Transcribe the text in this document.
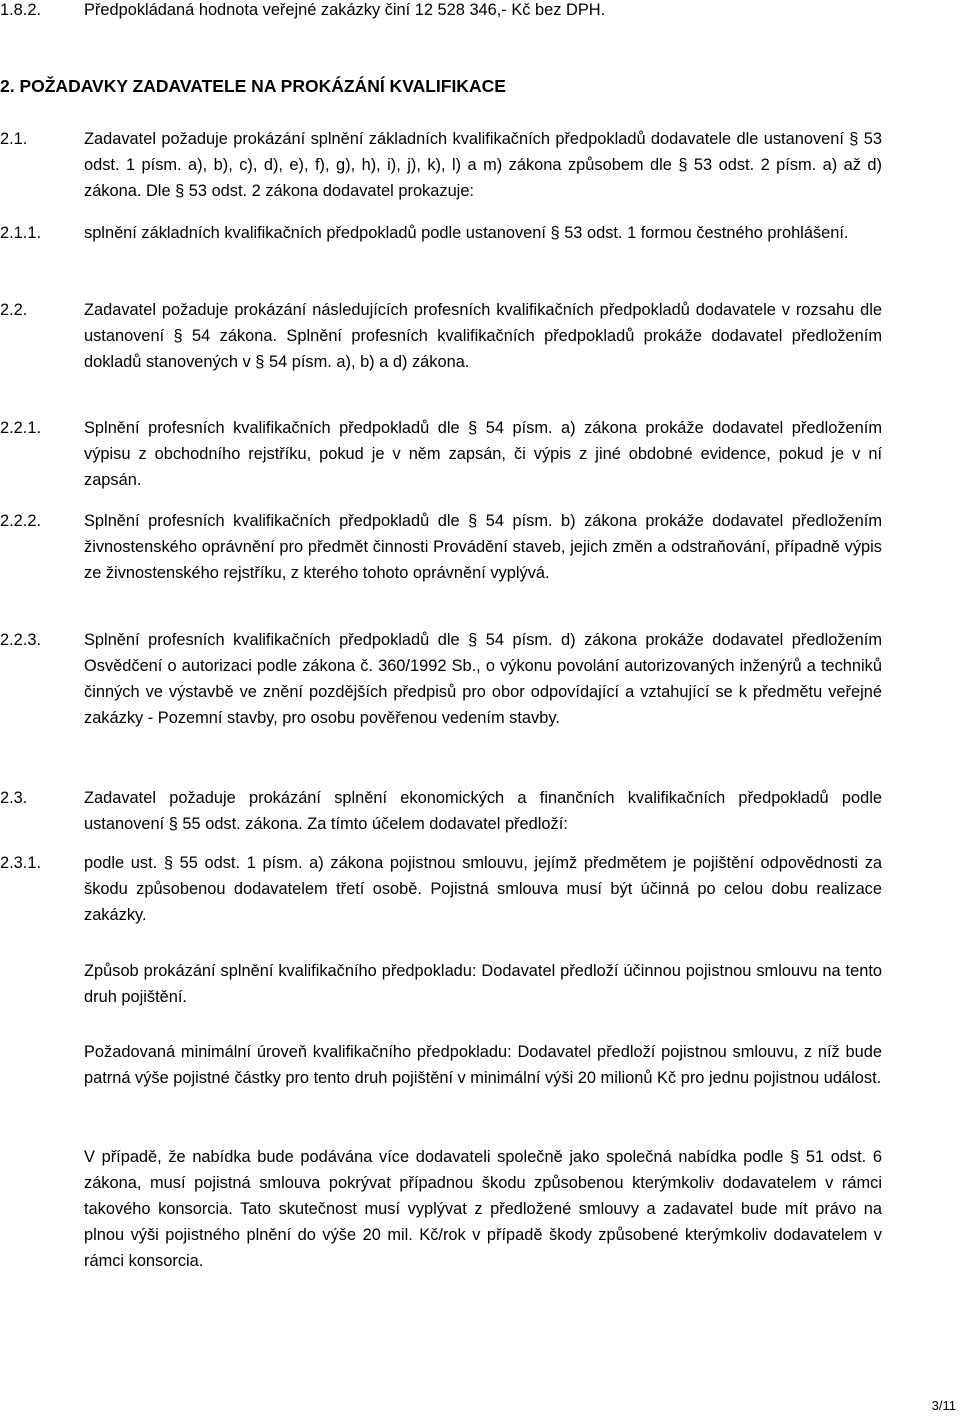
1.8.2.	Předpokládaná hodnota veřejné zakázky činí 12 528 346,- Kč bez DPH.
2. POŽADAVKY ZADAVATELE NA PROKÁZÁNÍ KVALIFIKACE
2.1.	Zadavatel požaduje prokázání splnění základních kvalifikačních předpokladů dodavatele dle ustanovení § 53 odst. 1 písm. a), b), c), d), e), f), g), h), i), j), k), l) a m) zákona způsobem dle § 53 odst. 2 písm. a) až d) zákona. Dle § 53 odst. 2 zákona dodavatel prokazuje:
2.1.1.	splnění základních kvalifikačních předpokladů podle ustanovení § 53 odst. 1 formou čestného prohlášení.
2.2.	Zadavatel požaduje prokázání následujících profesních kvalifikačních předpokladů dodavatele v rozsahu dle ustanovení § 54 zákona. Splnění profesních kvalifikačních předpokladů prokáže dodavatel předložením dokladů stanovených v § 54 písm. a), b) a d) zákona.
2.2.1.	Splnění profesních kvalifikačních předpokladů dle § 54 písm. a) zákona prokáže dodavatel předložením výpisu z obchodního rejstříku, pokud je v něm zapsán, či výpis z jiné obdobné evidence, pokud je v ní zapsán.
2.2.2.	Splnění profesních kvalifikačních předpokladů dle § 54 písm. b) zákona prokáže dodavatel předložením živnostenského oprávnění pro předmět činnosti Provádění staveb, jejich změn a odstraňování, případně výpis ze živnostenského rejstříku, z kterého tohoto oprávnění vyplývá.
2.2.3.	Splnění profesních kvalifikačních předpokladů dle § 54 písm. d) zákona prokáže dodavatel předložením Osvědčení o autorizaci podle zákona č. 360/1992 Sb., o výkonu povolání autorizovaných inženýrů a techniků činných ve výstavbě ve znění pozdějších předpisů pro obor odpovídající a vztahující se k předmětu veřejné zakázky - Pozemní stavby, pro osobu pověřenou vedením stavby.
2.3.	Zadavatel požaduje prokázání splnění ekonomických a finančních kvalifikačních předpokladů podle ustanovení § 55 odst. zákona. Za tímto účelem dodavatel předloží:
2.3.1.	podle ust. § 55 odst. 1 písm. a) zákona pojistnou smlouvu, jejímž předmětem je pojištění odpovědnosti za škodu způsobenou dodavatelem třetí osobě. Pojistná smlouva musí být účinná po celou dobu realizace zakázky.
Způsob prokázání splnění kvalifikačního předpokladu: Dodavatel předloží účinnou pojistnou smlouvu na tento druh pojištění.
Požadovaná minimální úroveň kvalifikačního předpokladu: Dodavatel předloží pojistnou smlouvu, z níž bude patrná výše pojistné částky pro tento druh pojištění v minimální výši 20 milionů Kč pro jednu pojistnou událost.
V případě, že nabídka bude podávána více dodavateli společně jako společná nabídka podle § 51 odst. 6 zákona, musí pojistná smlouva pokrývat případnou škodu způsobenou kterýmkoliv dodavatelem v rámci takového konsorcia. Tato skutečnost musí vyplývat z předložené smlouvy a zadavatel bude mít právo na plnou výši pojistného plnění do výše 20 mil. Kč/rok v případě škody způsobené kterýmkoliv dodavatelem v rámci konsorcia.
3/11
